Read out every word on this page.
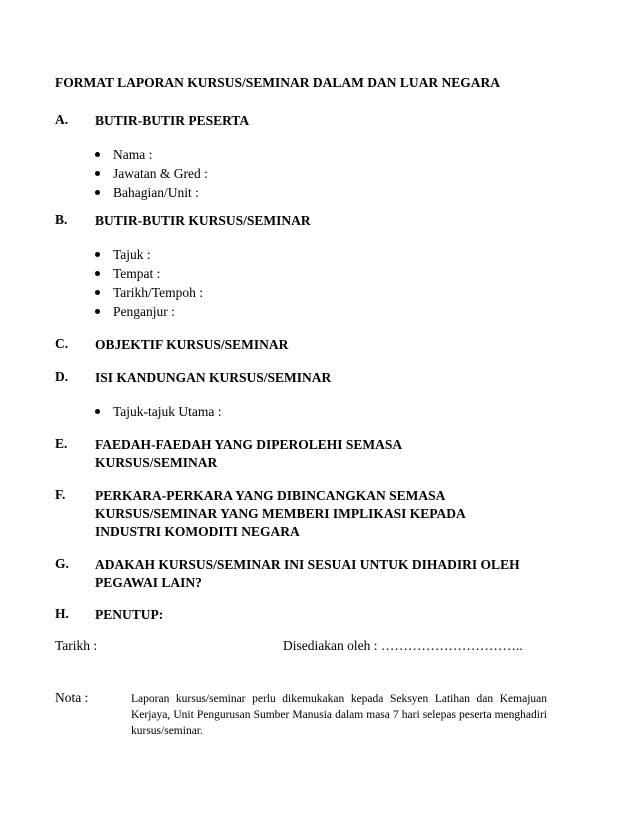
FORMAT LAPORAN KURSUS/SEMINAR DALAM DAN LUAR NEGARA
A. BUTIR-BUTIR PESERTA
Nama :
Jawatan & Gred :
Bahagian/Unit :
B. BUTIR-BUTIR KURSUS/SEMINAR
Tajuk :
Tempat :
Tarikh/Tempoh :
Penganjur :
C. OBJEKTIF KURSUS/SEMINAR
D. ISI KANDUNGAN KURSUS/SEMINAR
Tajuk-tajuk Utama :
E. FAEDAH-FAEDAH YANG DIPEROLEHI SEMASA KURSUS/SEMINAR
F. PERKARA-PERKARA YANG DIBINCANGKAN SEMASA KURSUS/SEMINAR YANG MEMBERI IMPLIKASI KEPADA INDUSTRI KOMODITI NEGARA
G. ADAKAH KURSUS/SEMINAR INI SESUAI UNTUK DIHADIRI OLEH PEGAWAI LAIN?
H. PENUTUP:
Tarikh :	Disediakan oleh : …………………………..
Nota :	Laporan kursus/seminar perlu dikemukakan kepada Seksyen Latihan dan Kemajuan Kerjaya, Unit Pengurusan Sumber Manusia dalam masa 7 hari selepas peserta menghadiri kursus/seminar.
